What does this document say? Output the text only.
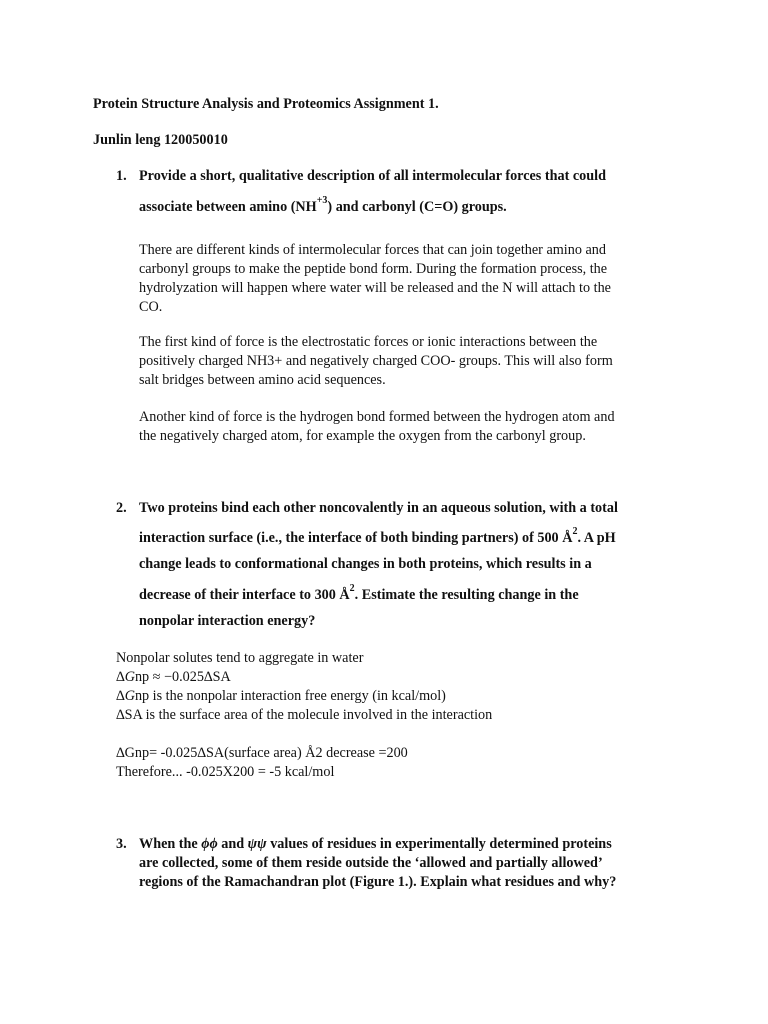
Protein Structure Analysis and Proteomics Assignment 1.
Junlin leng 120050010
1. Provide a short, qualitative description of all intermolecular forces that could
associate between amino $(NH^{+3})$ and carbonyl (C=O) groups.
There are different kinds of intermolecular forces that can join together amino and
carbonyl groups to make the peptide bond form. During the formation process, the
hydrolyzation will happen where water will be released and the N will attach to the
CO.
The first kind of force is the electrostatic forces or ionic interactions between the
positively charged NH3+ and negatively charged COO- groups. This will also form
salt bridges between amino acid sequences.
Another kind of force is the hydrogen bond formed between the hydrogen atom and
the negatively charged atom, for example the oxygen from the carbonyl group.
2. Two proteins bind each other noncovalently in an aqueous solution, with a total
interaction surface (i.e., the interface of both binding partners) of 500 $Å^2$. A pH
change leads to conformational changes in both proteins, which results in a
decrease of their interface to 300 $Å^2$. Estimate the resulting change in the
nonpolar interaction energy?
Nonpolar solutes tend to aggregate in water
∆Gnp ≈ −0.025∆SA
∆Gnp is the nonpolar interaction free energy (in kcal/mol)
∆SA is the surface area of the molecule involved in the interaction
∆Gnp= -0.025∆SA(surface area) Å2 decrease =200
Therefore... -0.025X200 = -5 kcal/mol
3. When the ϕϕ and ψψ values of residues in experimentally determined proteins
are collected, some of them reside outside the ‘allowed and partially allowed’
regions of the Ramachandran plot (Figure 1.). Explain what residues and why?
